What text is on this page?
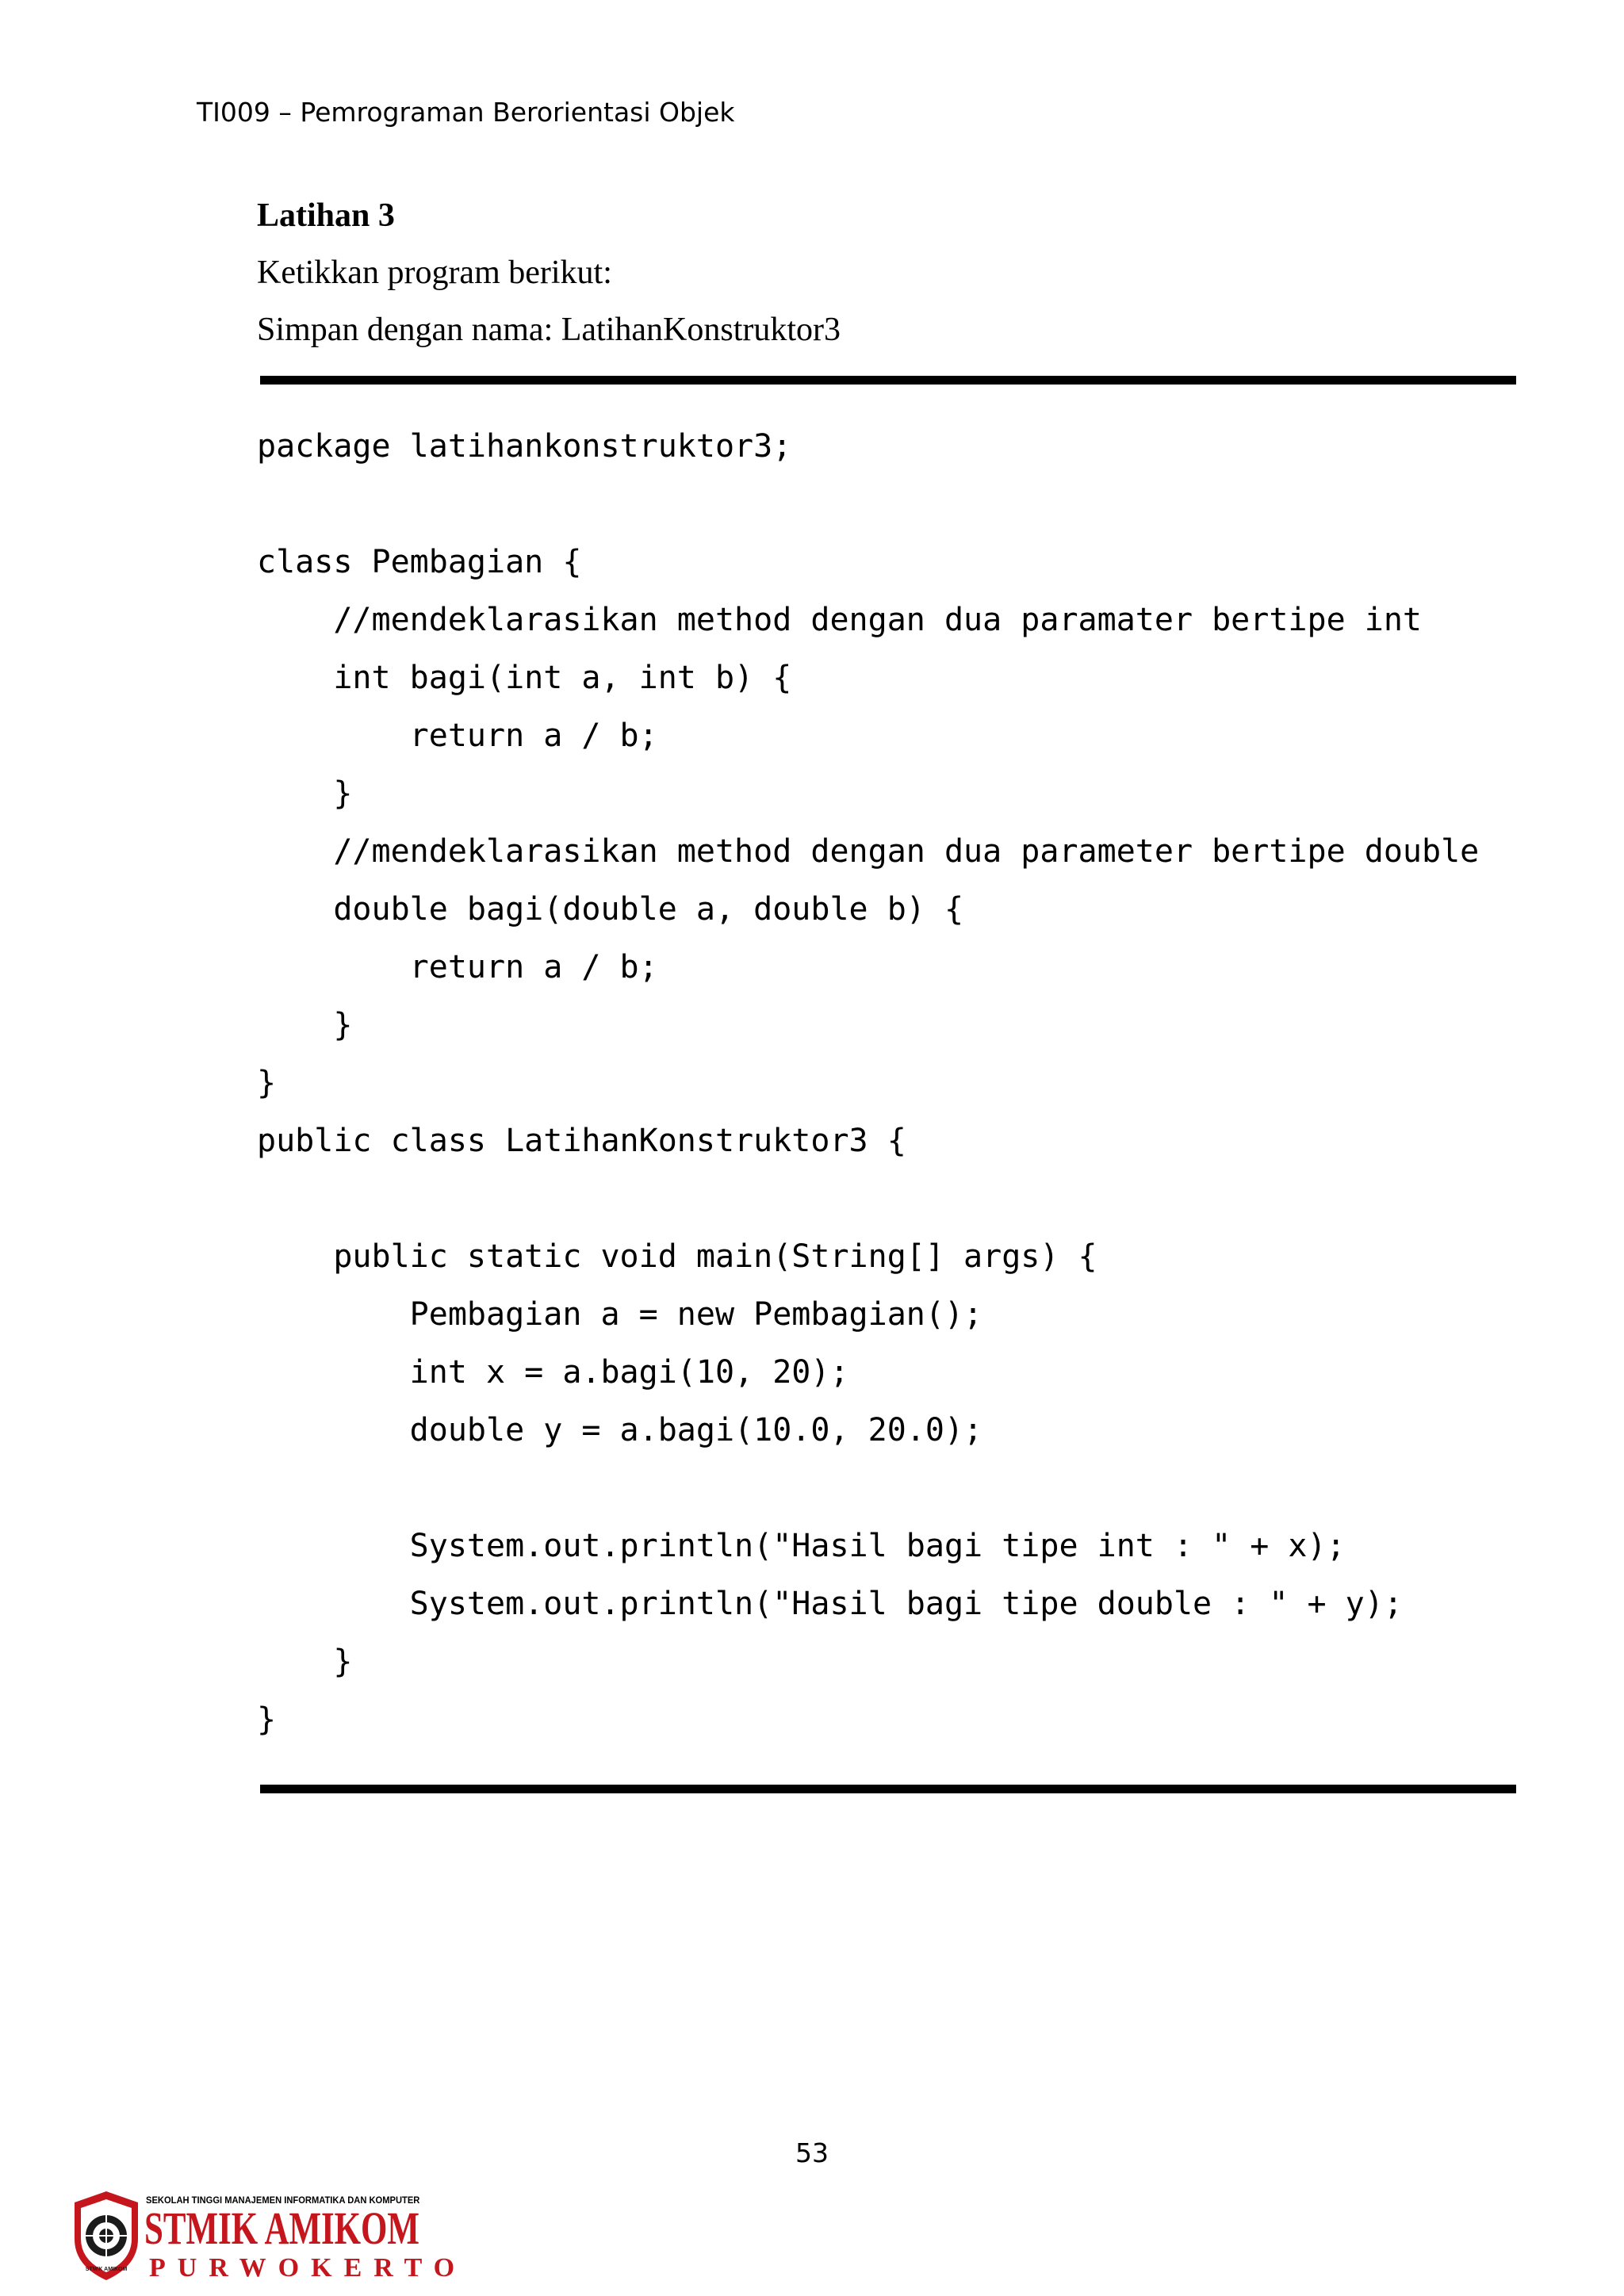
TI009 – Pemrograman Berorientasi Objek
Latihan 3
Ketikkan program berikut:
Simpan dengan nama: LatihanKonstruktor3
package latihankonstruktor3;
class Pembagian {
//mendeklarasikan method dengan dua paramater bertipe int
int bagi(int a, int b) {
return a / b;
}
//mendeklarasikan method dengan dua parameter bertipe double
double bagi(double a, double b) {
return a / b;
}
}
public class LatihanKonstruktor3 {
public static void main(String[] args) {
Pembagian a = new Pembagian();
int x = a.bagi(10, 20);
double y = a.bagi(10.0, 20.0);
System.out.println("Hasil bagi tipe int : " + x);
System.out.println("Hasil bagi tipe double : " + y);
}
}
53
STMIK AMIKOM
SEKOLAH TINGGI MANAJEMEN INFORMATIKA DAN KOMPUTER
STMIK AMIKOM
PURWOKERTO
